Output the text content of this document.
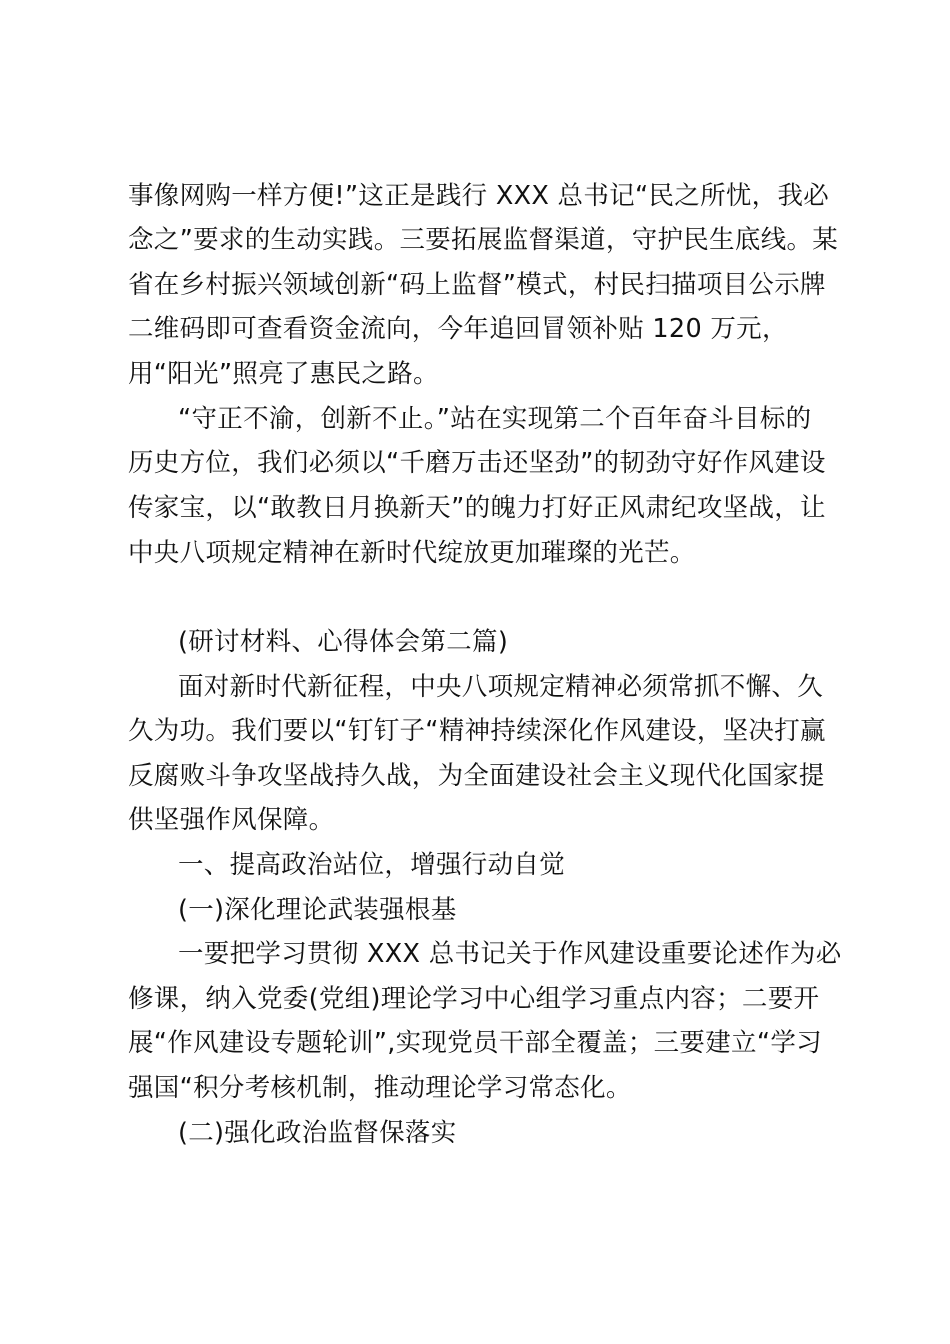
事像网购一样方便!”这正是践行 XXX 总书记“民之所忧，我必

念之”要求的生动实践。三要拓展监督渠道，守护民生底线。某

省在乡村振兴领域创新“码上监督”模式，村民扫描项目公示牌

二维码即可查看资金流向，今年追回冒领补贴 120 万元，

用“阳光”照亮了惠民之路。

“守正不渝，创新不止。”站在实现第二个百年奋斗目标的

历史方位，我们必须以“千磨万击还坚劲”的韧劲守好作风建设

传家宝，以“敢教日月换新天”的魄力打好正风肃纪攻坚战，让

中央八项规定精神在新时代绽放更加璀璨的光芒。

(研讨材料、心得体会第二篇)

面对新时代新征程，中央八项规定精神必须常抓不懈、久

久为功。我们要以“钉钉子“精神持续深化作风建设，坚决打赢

反腐败斗争攻坚战持久战，为全面建设社会主义现代化国家提

供坚强作风保障。

一、提高政治站位，增强行动自觉

(一)深化理论武装强根基

一要把学习贯彻 XXX 总书记关于作风建设重要论述作为必

修课，纳入党委(党组)理论学习中心组学习重点内容；二要开

展“作风建设专题轮训”,实现党员干部全覆盖；三要建立“学习

强国“积分考核机制，推动理论学习常态化。

(二)强化政治监督保落实
